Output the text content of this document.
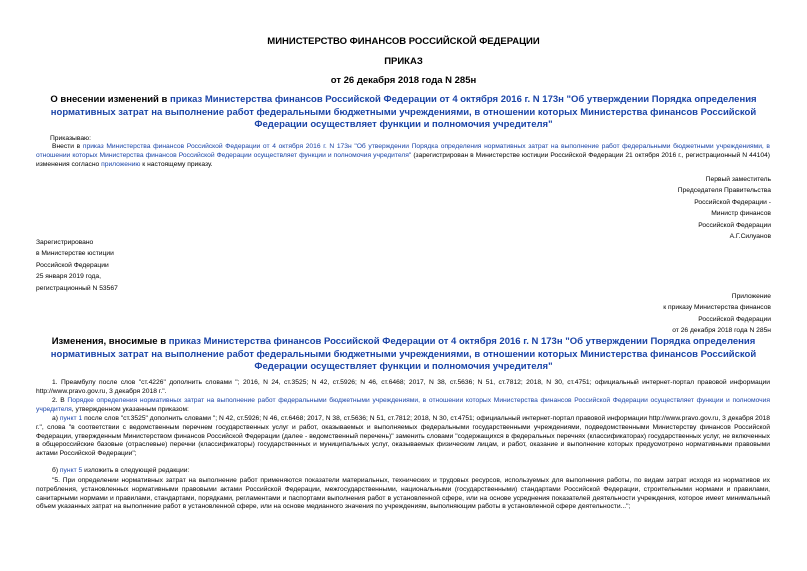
МИНИСТЕРСТВО ФИНАНСОВ РОССИЙСКОЙ ФЕДЕРАЦИИ
ПРИКАЗ
от 26 декабря 2018 года N 285н
О внесении изменений в приказ Министерства финансов Российской Федерации от 4 октября 2016 г. N 173н "Об утверждении Порядка определения нормативных затрат на выполнение работ федеральными бюджетными учреждениями, в отношении которых Министерства финансов Российской Федерации осуществляет функции и полномочия учредителя"
Приказываю:
Внести в приказ Министерства финансов Российской Федерации от 4 октября 2016 г. N 173н "Об утверждении Порядка определения нормативных затрат на выполнение работ федеральными бюджетными учреждениями, в отношении которых Министерства финансов Российской Федерации осуществляет функции и полномочия учредителя" (зарегистрирован в Министерстве юстиции Российской Федерации 21 октября 2016 г., регистрационный N 44104) изменения согласно приложению к настоящему приказу.
Первый заместитель
Председателя Правительства
Российской Федерации -
Министр финансов
Российской Федерации
А.Г.Силуанов
Зарегистрировано
в Министерстве юстиции
Российской Федерации
25 января 2019 года,
регистрационный N 53567
Приложение
к приказу Министерства финансов
Российской Федерации
от 26 декабря 2018 года N 285н
Изменения, вносимые в приказ Министерства финансов Российской Федерации от 4 октября 2016 г. N 173н "Об утверждении Порядка определения нормативных затрат на выполнение работ федеральными бюджетными учреждениями, в отношении которых Министерства финансов Российской Федерации осуществляет функции и полномочия учредителя"
1. Преамбулу после слов "ст.4226" дополнить словами "; 2016, N 24, ст.3525; N 42, ст.5926; N 46, ст.6468; 2017, N 38, ст.5636; N 51, ст.7812; 2018, N 30, ст.4751; официальный интернет-портал правовой информации http://www.pravo.gov.ru, 3 декабря 2018 г.".
2. В Порядке определения нормативных затрат на выполнение работ федеральными бюджетными учреждениями, в отношении которых Министерства финансов Российской Федерации осуществляет функции и полномочия учредителя, утвержденном указанным приказом:
а) пункт 1 после слов "ст.3525" дополнить словами "; N 42, ст.5926; N 46, ст.6468; 2017, N 38, ст.5636; N 51, ст.7812; 2018, N 30, ст.4751; официальный интернет-портал правовой информации http://www.pravo.gov.ru, 3 декабря 2018 г.", слова "в соответствии с ведомственным перечнем государственных услуг и работ, оказываемых и выполняемых федеральными государственными учреждениями, подведомственными Министерству финансов Российской Федерации, утвержденным Министерством финансов Российской Федерации (далее - ведомственный перечень)" заменить словами "содержащихся в федеральных перечнях (классификаторах) государственных услуг, не включенных в общероссийские базовые (отраслевые) перечни (классификаторы) государственных и муниципальных услуг, оказываемых физическим лицам, и работ, оказание и выполнение которых предусмотрено нормативными правовыми актами Российской Федерации";
б) пункт 5 изложить в следующей редакции:
"5. При определении нормативных затрат на выполнение работ применяются показатели материальных, технических и трудовых ресурсов, используемых для выполнения работы, по видам затрат исходя из нормативов их потребления, установленных нормативными правовыми актами Российской Федерации, межгосударственными, национальными (государственными) стандартами Российской Федерации, строительными нормами и правилами, санитарными нормами и правилами, стандартами, порядками, регламентами и паспортами выполнения работ в установленной сфере, или на основе усреднения показателей деятельности учреждения, которое имеет минимальный объем указанных затрат на выполнение работ в установленной сфере, или на основе медианного значения по учреждениям, выполняющим работы в установленной сфере деятельности...";
